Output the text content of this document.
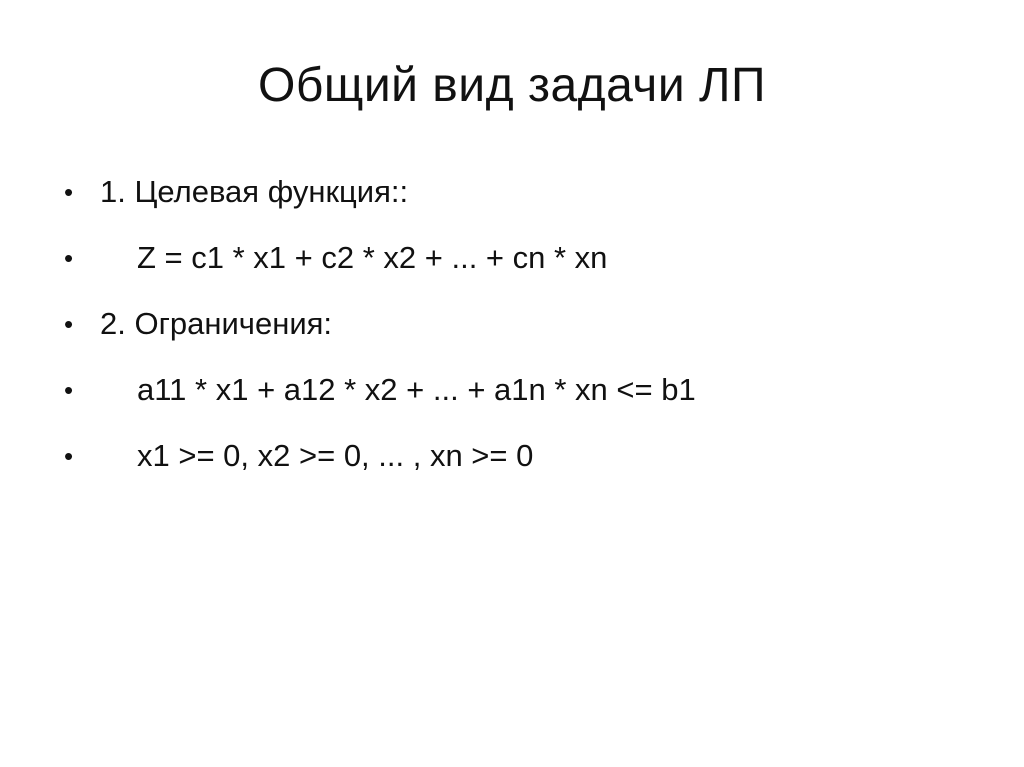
Общий вид задачи ЛП
• 1. Целевая функция::
•	Z = c1 * x1 + c2 * x2 + ... + cn * xn
• 2. Ограничения:
•	a11 * x1 + a12 * x2 + ... + a1n * xn <= b1
•	x1 >= 0, x2 >= 0, ... , xn >= 0
